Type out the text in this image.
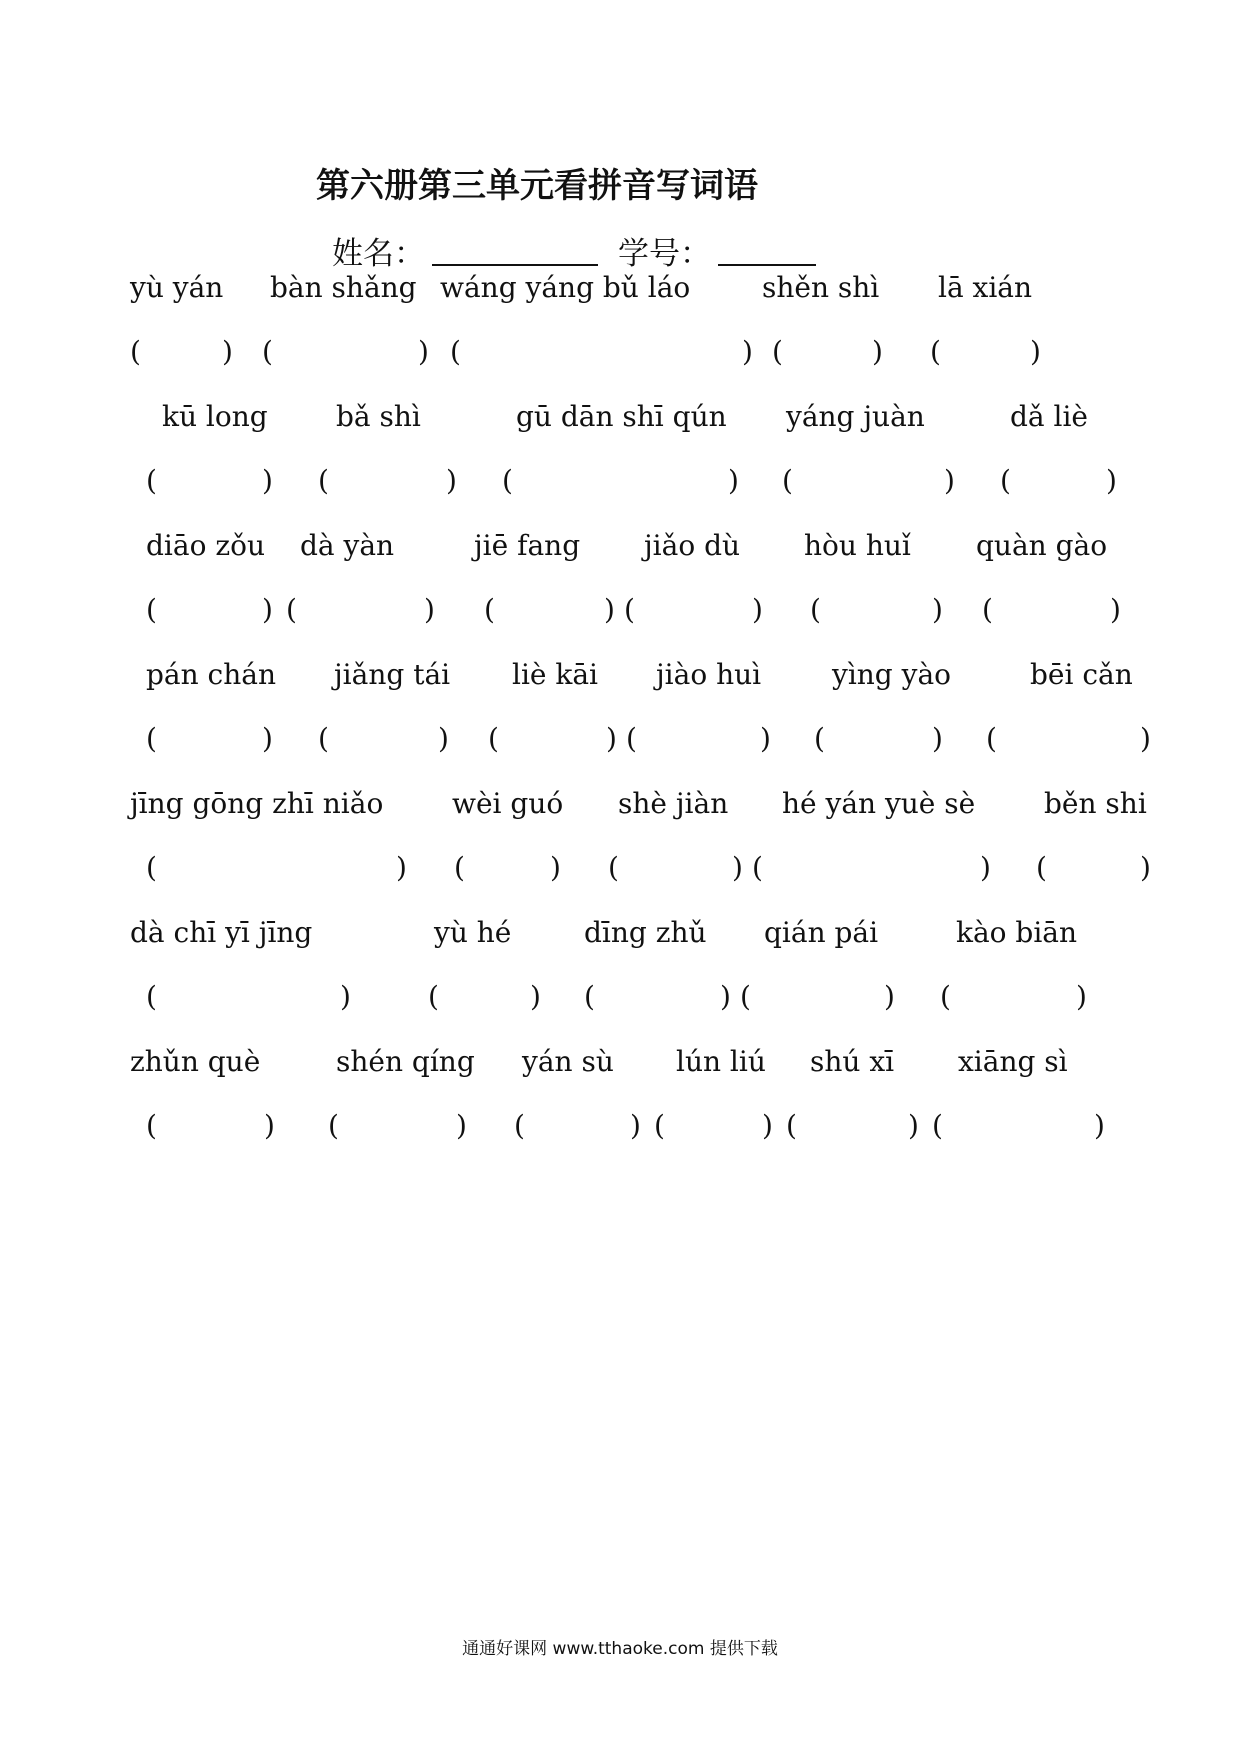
第六册第三单元看拼音写词语
姓名：	学号：
yù yán
(	)
bàn shǎng
(	)
wáng yáng bǔ láo
(	)
shěn shì
(	)
lā xián
(	)
kū long
(	)
bǎ shì
(	)
gū dān shī qún
(	)
yáng juàn
(	)
dǎ liè
(	)
diāo zǒu
(	)
dà yàn
(	)
jiē fang
(	)
jiǎo dù
(	)
hòu huǐ
(	)
quàn gào
(	)
pán chán
(	)
jiǎng tái
(	)
liè kāi
(	)
jiào huì
(	)
yìng yào
(	)
bēi cǎn
(	)
jīng gōng zhī niǎo
(	)
wèi guó
(	)
shè jiàn
(	)
hé yán yuè sè
(	)
běn shi
(	)
dà chī yī jīng
(	)
yù hé
(	)
dīng zhǔ
(	)
qián pái
(	)
kào biān
(	)
zhǔn què
(	)
shén qíng
(	)
yán sù
(	)
lún liú
(	)
shú xī
(	)
xiāng sì
(	)
通通好课网 www.tthaoke.com 提供下载
